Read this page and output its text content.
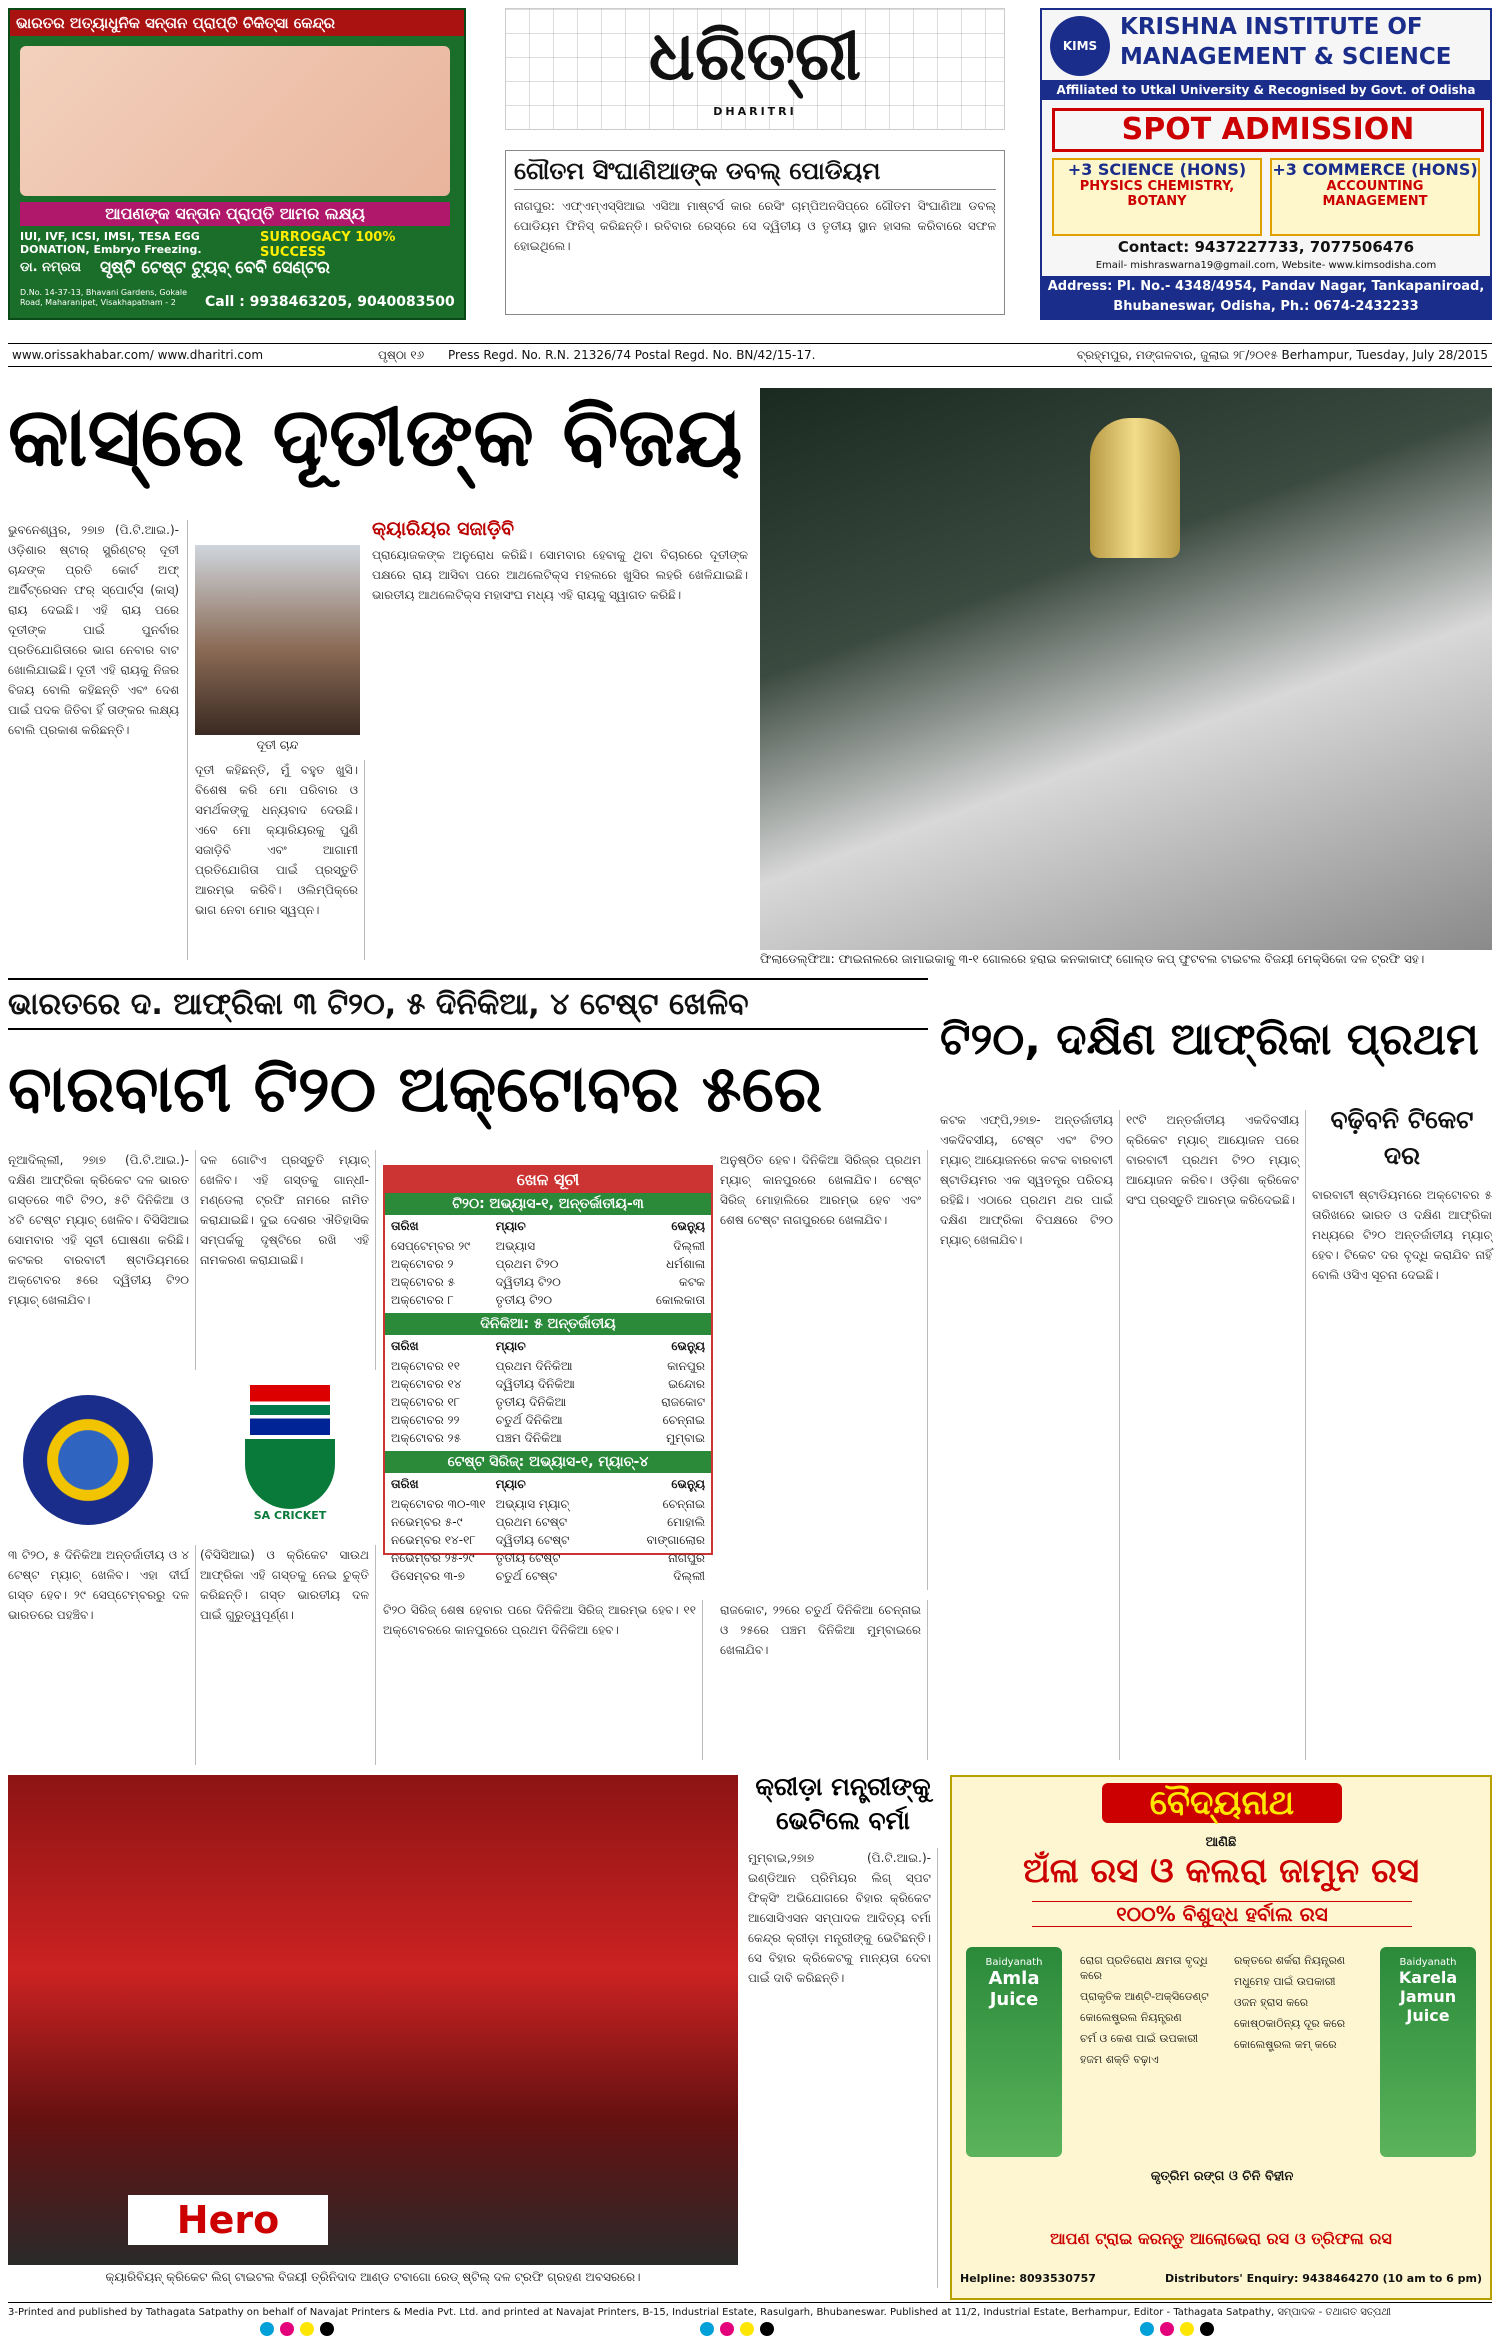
ଭାରତର ଅତ୍ୟାଧୁନିକ ସନ୍ତାନ ପ୍ରାପ୍ତି ଚିକିତ୍ସା କେନ୍ଦ୍ର
ଆପଣଙ୍କ ସନ୍ତାନ ପ୍ରାପ୍ତି ଆମର ଲକ୍ଷ୍ୟ
IUI, IVF, ICSI, IMSI, TESA EGG DONATION, Embryo Freezing.
SURROGACY 100% SUCCESS
ଡା. ନମ୍ରତା ସୃଷ୍ଟି ଟେଷ୍ଟ ଟ୍ୟୁବ୍ ବେବି ସେଣ୍ଟର
D.No. 14-37-13, Bhavani Gardens, Gokale Road, Maharanipet, Visakhapatnam - 2	Call : 9938463205, 9040083500
ଧରିତ୍ରୀ
DHARITRI
ଗୌତମ ସିଂଘାଣିଆଙ୍କ ଡବଲ୍ ପୋଡିୟମ
ନାଗପୁର: ଏଫ୍ଏମ୍ଏସ୍‌ସିଆଇ ଏସିଆ ମାଷ୍ଟର୍ସ କାର ରେସିଂ ଚାମ୍ପିଅନସିପ୍‌ରେ ଗୌତମ ସିଂଘାଣିଆ ଡବଲ୍ ପୋଡିୟମ ଫିନିସ୍ କରିଛନ୍ତି। ରବିବାର ରେସ୍‌ରେ ସେ ଦ୍ୱିତୀୟ ଓ ତୃତୀୟ ସ୍ଥାନ ହାସଲ କରିବାରେ ସଫଳ ହୋଇଥିଲେ।
KIMS
KRISHNA INSTITUTE OF
MANAGEMENT & SCIENCE
Affiliated to Utkal University & Recognised by Govt. of Odisha
SPOT ADMISSION
+3 SCIENCE (HONS)
PHYSICS CHEMISTRY, BOTANY
+3 COMMERCE (HONS)
ACCOUNTING MANAGEMENT
Contact: 9437227733, 7077506476
Email- mishraswarna19@gmail.com, Website- www.kimsodisha.com
Address: Pl. No.- 4348/4954, Pandav Nagar, Tankapaniroad, Bhubaneswar, Odisha, Ph.: 0674-2432233
www.orissakhabar.com/ www.dharitri.com	ପୃଷ୍ଠା ୧୬ Press Regd. No. R.N. 21326/74 Postal Regd. No. BN/42/15-17.	ବ୍ରହ୍ମପୁର, ମଙ୍ଗଳବାର, ଜୁଲାଇ ୨୮/୨୦୧୫ Berhampur, Tuesday, July 28/2015
କାସ୍‌ରେ ଦୂତୀଙ୍କ ବିଜୟ
ଭୁବନେଶ୍ୱର, ୨୭ା୭ (ପି.ଟି.ଆଇ.)- ଓଡ଼ିଶାର ଷ୍ଟାର୍ ସ୍ପ୍ରିଣ୍ଟର୍ ଦୂତୀ ଚାନ୍ଦଙ୍କ ପ୍ରତି କୋର୍ଟ ଅଫ୍ ଆର୍ବିଟ୍ରେସନ ଫର୍ ସ୍ପୋର୍ଟ୍ସ (କାସ୍) ରାୟ ଦେଇଛି। ଏହି ରାୟ ପରେ ଦୂତୀଙ୍କ ପାଇଁ ପୁନର୍ବାର ପ୍ରତିଯୋଗିତାରେ ଭାଗ ନେବାର ବାଟ ଖୋଲିଯାଇଛି। ଦୂତୀ ଏହି ରାୟକୁ ନିଜର ବିଜୟ ବୋଲି କହିଛନ୍ତି ଏବଂ ଦେଶ ପାଇଁ ପଦକ ଜିତିବା ହିଁ ତାଙ୍କର ଲକ୍ଷ୍ୟ ବୋଲି ପ୍ରକାଶ କରିଛନ୍ତି।
ଦୂତୀ ଚାନ୍ଦ
ଦୂତୀ କହିଛନ୍ତି, ମୁଁ ବହୁତ ଖୁସି। ବିଶେଷ କରି ମୋ ପରିବାର ଓ ସମର୍ଥକଙ୍କୁ ଧନ୍ୟବାଦ ଦେଉଛି। ଏବେ ମୋ କ୍ୟାରିୟରକୁ ପୁଣି ସଜାଡ଼ିବି ଏବଂ ଆଗାମୀ ପ୍ରତିଯୋଗିତା ପାଇଁ ପ୍ରସ୍ତୁତି ଆରମ୍ଭ କରିବି। ଓଲିମ୍ପିକ୍‌ରେ ଭାଗ ନେବା ମୋର ସ୍ୱପ୍ନ।
କ୍ୟାରିୟର ସଜାଡ଼ିବି
ପ୍ରାୟୋଜକଙ୍କ ଅନୁରୋଧ କରିଛି। ସୋମବାର ହେବାକୁ ଥିବା ବିଚାରରେ ଦୂତୀଙ୍କ ପକ୍ଷରେ ରାୟ ଆସିବା ପରେ ଆଥଲେଟିକ୍ସ ମହଲରେ ଖୁସିର ଲହରି ଖେଳିଯାଇଛି। ଭାରତୀୟ ଆଥଲେଟିକ୍ସ ମହାସଂଘ ମଧ୍ୟ ଏହି ରାୟକୁ ସ୍ୱାଗତ କରିଛି।
ଫିଲାଡେଲ୍‌ଫିଆ: ଫାଇନାଲରେ ଜାମାଇକାକୁ ୩-୧ ଗୋଲରେ ହରାଇ କନକାକାଫ୍ ଗୋଲ୍ଡ କପ୍ ଫୁଟବଲ ଟାଇଟଲ ବିଜୟୀ ମେକ୍ସିକୋ ଦଳ ଟ୍ରଫି ସହ।
ଭାରତରେ ଦ. ଆଫ୍ରିକା ୩ ଟି୨୦, ୫ ଦିନିକିଆ, ୪ ଟେଷ୍ଟ ଖେଳିବ
ବାରବାଟୀ ଟି୨୦ ଅକ୍ଟୋବର ୫ରେ
ନୂଆଦିଲ୍ଲୀ, ୨୭ା୭ (ପି.ଟି.ଆଇ.)- ଦକ୍ଷିଣ ଆଫ୍ରିକା କ୍ରିକେଟ ଦଳ ଭାରତ ଗସ୍ତରେ ୩ଟି ଟି୨୦, ୫ଟି ଦିନିକିଆ ଓ ୪ଟି ଟେଷ୍ଟ ମ୍ୟାଚ୍ ଖେଳିବ। ବିସିସିଆଇ ସୋମବାର ଏହି ସୂଚୀ ଘୋଷଣା କରିଛି। କଟକର ବାରବାଟୀ ଷ୍ଟାଡିୟମରେ ଅକ୍ଟୋବର ୫ରେ ଦ୍ୱିତୀୟ ଟି୨୦ ମ୍ୟାଚ୍ ଖେଳାଯିବ।
ଦଳ ଗୋଟିଏ ପ୍ରସ୍ତୁତି ମ୍ୟାଚ୍ ଖେଳିବ। ଏହି ଗସ୍ତକୁ ଗାନ୍ଧୀ-ମଣ୍ଡେଲା ଟ୍ରଫି ନାମରେ ନାମିତ କରାଯାଇଛି। ଦୁଇ ଦେଶର ଐତିହାସିକ ସମ୍ପର୍କକୁ ଦୃଷ୍ଟିରେ ରଖି ଏହି ନାମକରଣ କରାଯାଇଛି।
SA CRICKET
୩ ଟି୨୦, ୫ ଦିନିକିଆ ଅନ୍ତର୍ଜାତୀୟ ଓ ୪ ଟେଷ୍ଟ ମ୍ୟାଚ୍ ଖେଳିବ। ଏହା ଦୀର୍ଘ ଗସ୍ତ ହେବ। ୨୯ ସେପ୍ଟେମ୍ବରରୁ ଦଳ ଭାରତରେ ପହଞ୍ଚିବ।
(ବିସିସିଆଇ) ଓ କ୍ରିକେଟ ସାଉଥ ଆଫ୍ରିକା ଏହି ଗସ୍ତକୁ ନେଇ ଚୁକ୍ତି କରିଛନ୍ତି। ଗସ୍ତ ଭାରତୀୟ ଦଳ ପାଇଁ ଗୁରୁତ୍ୱପୂର୍ଣ୍ଣ।
ଖେଳ ସୂଚୀ
ଟି୨୦: ଅଭ୍ୟାସ-୧, ଅନ୍ତର୍ଜାତୀୟ-୩
ତାରିଖ	ମ୍ୟାଚ	ଭେନ୍ୟୁ
ସେପ୍ଟେମ୍ବର ୨୯	ଅଭ୍ୟାସ	ଦିଲ୍ଲୀ
ଅକ୍ଟୋବର ୨	ପ୍ରଥମ ଟି୨୦	ଧର୍ମଶାଳା
ଅକ୍ଟୋବର ୫	ଦ୍ୱିତୀୟ ଟି୨୦	କଟକ
ଅକ୍ଟୋବର ୮	ତୃତୀୟ ଟି୨୦	କୋଲକାତା
ଦିନିକିଆ: ୫ ଅନ୍ତର୍ଜାତୀୟ
ତାରିଖ	ମ୍ୟାଚ	ଭେନ୍ୟୁ
ଅକ୍ଟୋବର ୧୧	ପ୍ରଥମ ଦିନିକିଆ	କାନପୁର
ଅକ୍ଟୋବର ୧୪	ଦ୍ୱିତୀୟ ଦିନିକିଆ	ଇନ୍ଦୋର
ଅକ୍ଟୋବର ୧୮	ତୃତୀୟ ଦିନିକିଆ	ରାଜକୋଟ
ଅକ୍ଟୋବର ୨୨	ଚତୁର୍ଥ ଦିନିକିଆ	ଚେନ୍ନାଇ
ଅକ୍ଟୋବର ୨୫	ପଞ୍ଚମ ଦିନିକିଆ	ମୁମ୍ବାଇ
ଟେଷ୍ଟ ସିରିଜ୍: ଅଭ୍ୟାସ-୧, ମ୍ୟାଚ୍-୪
ତାରିଖ	ମ୍ୟାଚ	ଭେନ୍ୟୁ
ଅକ୍ଟୋବର ୩୦-୩୧ ଅଭ୍ୟାସ ମ୍ୟାଚ୍	ଚେନ୍ନାଇ
ନଭେମ୍ବର ୫-୯	ପ୍ରଥମ ଟେଷ୍ଟ	ମୋହାଲି
ନଭେମ୍ବର ୧୪-୧୮	ଦ୍ୱିତୀୟ ଟେଷ୍ଟ	ବାଙ୍ଗାଲୋର
ନଭେମ୍ବର ୨୫-୨୯	ତୃତୀୟ ଟେଷ୍ଟ	ନାଗପୁର
ଡିସେମ୍ବର ୩-୭	ଚତୁର୍ଥ ଟେଷ୍ଟ	ଦିଲ୍ଲୀ
ଅନୁଷ୍ଠିତ ହେବ। ଦିନିକିଆ ସିରିଜ୍‌ର ପ୍ରଥମ ମ୍ୟାଚ୍ କାନପୁରରେ ଖେଳାଯିବ। ଟେଷ୍ଟ ସିରିଜ୍ ମୋହାଲିରେ ଆରମ୍ଭ ହେବ ଏବଂ ଶେଷ ଟେଷ୍ଟ ନାଗପୁରରେ ଖେଳାଯିବ।
ଟି୨୦ ସିରିଜ୍ ଶେଷ ହେବାର ପରେ ଦିନିକିଆ ସିରିଜ୍ ଆରମ୍ଭ ହେବ। ୧୧ ଅକ୍ଟୋବରରେ କାନପୁରରେ ପ୍ରଥମ ଦିନିକିଆ ହେବ।
ରାଜକୋଟ, ୨୨ରେ ଚତୁର୍ଥ ଦିନିକିଆ ଚେନ୍ନାଇ ଓ ୨୫ରେ ପଞ୍ଚମ ଦିନିକିଆ ମୁମ୍ବାଇରେ ଖେଳାଯିବ।
ଟି୨୦, ଦକ୍ଷିଣ ଆଫ୍ରିକା ପ୍ରଥମ
କଟକ ଏଫ୍‌ପି,୨୭ା୭- ଅନ୍ତର୍ଜାତୀୟ ଏକଦିବସୀୟ, ଟେଷ୍ଟ ଏବଂ ଟି୨୦ ମ୍ୟାଚ୍ ଆୟୋଜନରେ କଟକ ବାରବାଟୀ ଷ୍ଟାଡିୟମର ଏକ ସ୍ୱତନ୍ତ୍ର ପରିଚୟ ରହିଛି। ଏଠାରେ ପ୍ରଥମ ଥର ପାଇଁ ଦକ୍ଷିଣ ଆଫ୍ରିକା ବିପକ୍ଷରେ ଟି୨୦ ମ୍ୟାଚ୍ ଖେଳାଯିବ।
୧୯ଟି ଅନ୍ତର୍ଜାତୀୟ ଏକଦିବସୀୟ କ୍ରିକେଟ ମ୍ୟାଚ୍ ଆୟୋଜନ ପରେ ବାରବାଟୀ ପ୍ରଥମ ଟି୨୦ ମ୍ୟାଚ୍ ଆୟୋଜନ କରିବ। ଓଡ଼ିଶା କ୍ରିକେଟ ସଂଘ ପ୍ରସ୍ତୁତି ଆରମ୍ଭ କରିଦେଇଛି।
ବଢ଼ିବନି ଟିକେଟ ଦର
ବାରବାଟୀ ଷ୍ଟାଡିୟମରେ ଅକ୍ଟୋବର ୫ ତାରିଖରେ ଭାରତ ଓ ଦକ୍ଷିଣ ଆଫ୍ରିକା ମଧ୍ୟରେ ଟି୨୦ ଅନ୍ତର୍ଜାତୀୟ ମ୍ୟାଚ୍ ହେବ। ଟିକେଟ ଦର ବୃଦ୍ଧି କରାଯିବ ନାହିଁ ବୋଲି ଓସିଏ ସୂଚନା ଦେଇଛି।
Hero
କ୍ୟାରିବିୟନ୍ କ୍ରିକେଟ ଲିଗ୍ ଟାଇଟଲ ବିଜୟୀ ତ୍ରିନିଦାଦ ଆଣ୍ଡ ଟବାଗୋ ରେଡ୍ ଷ୍ଟିଲ୍ ଦଳ ଟ୍ରଫି ଗ୍ରହଣ ଅବସରରେ।
କ୍ରୀଡ଼ା ମନ୍ତ୍ରୀଙ୍କୁ ଭେଟିଲେ ବର୍ମା
ମୁମ୍ବାଇ,୨୭ା୭ (ପି.ଟି.ଆଇ.)- ଇଣ୍ଡିଆନ ପ୍ରିମିୟର ଲିଗ୍ ସ୍ପଟ ଫିକ୍ସିଂ ଅଭିଯୋଗରେ ବିହାର କ୍ରିକେଟ ଆସୋସିଏସନ ସମ୍ପାଦକ ଆଦିତ୍ୟ ବର୍ମା କେନ୍ଦ୍ର କ୍ରୀଡ଼ା ମନ୍ତ୍ରୀଙ୍କୁ ଭେଟିଛନ୍ତି। ସେ ବିହାର କ୍ରିକେଟକୁ ମାନ୍ୟତା ଦେବା ପାଇଁ ଦାବି କରିଛନ୍ତି।
ବୈଦ୍ୟନାଥ
ଆଣିଛି
ଅଁଳା ରସ ଓ କଲରା ଜାମୁନ ରସ
୧୦୦% ବିଶୁଦ୍ଧ ହର୍ବାଲ ରସ
Baidyanath
Amla Juice
Baidyanath
Karela Jamun Juice
ରୋଗ ପ୍ରତିରୋଧ କ୍ଷମତା ବୃଦ୍ଧି କରେ
ପ୍ରାକୃତିକ ଆଣ୍ଟି-ଅକ୍ସିଡେଣ୍ଟ
କୋଲେଷ୍ଟ୍ରଲ ନିୟନ୍ତ୍ରଣ
ଚର୍ମ ଓ କେଶ ପାଇଁ ଉପକାରୀ
ହଜମ ଶକ୍ତି ବଢ଼ାଏ
ରକ୍ତରେ ଶର୍କରା ନିୟନ୍ତ୍ରଣ
ମଧୁମେହ ପାଇଁ ଉପକାରୀ
ଓଜନ ହ୍ରାସ କରେ
କୋଷ୍ଠକାଠିନ୍ୟ ଦୂର କରେ
କୋଲେଷ୍ଟ୍ରଲ କମ୍ କରେ
କୃତ୍ରିମ ରଙ୍ଗ ଓ ଚିନି ବିହୀନ
ଆପଣ ଟ୍ରାଇ କରନ୍ତୁ ଆଲୋଭେରା ରସ ଓ ତ୍ରିଫଳା ରସ
Helpline: 8093530757	Distributors' Enquiry: 9438464270 (10 am to 6 pm)
3-Printed and published by Tathagata Satpathy on behalf of Navajat Printers & Media Pvt. Ltd. and printed at Navajat Printers, B-15, Industrial Estate, Rasulgarh, Bhubaneswar. Published at 11/2, Industrial Estate, Berhampur, Editor - Tathagata Satpathy, ସମ୍ପାଦକ - ତଥାଗତ ସତ୍ପଥୀ
